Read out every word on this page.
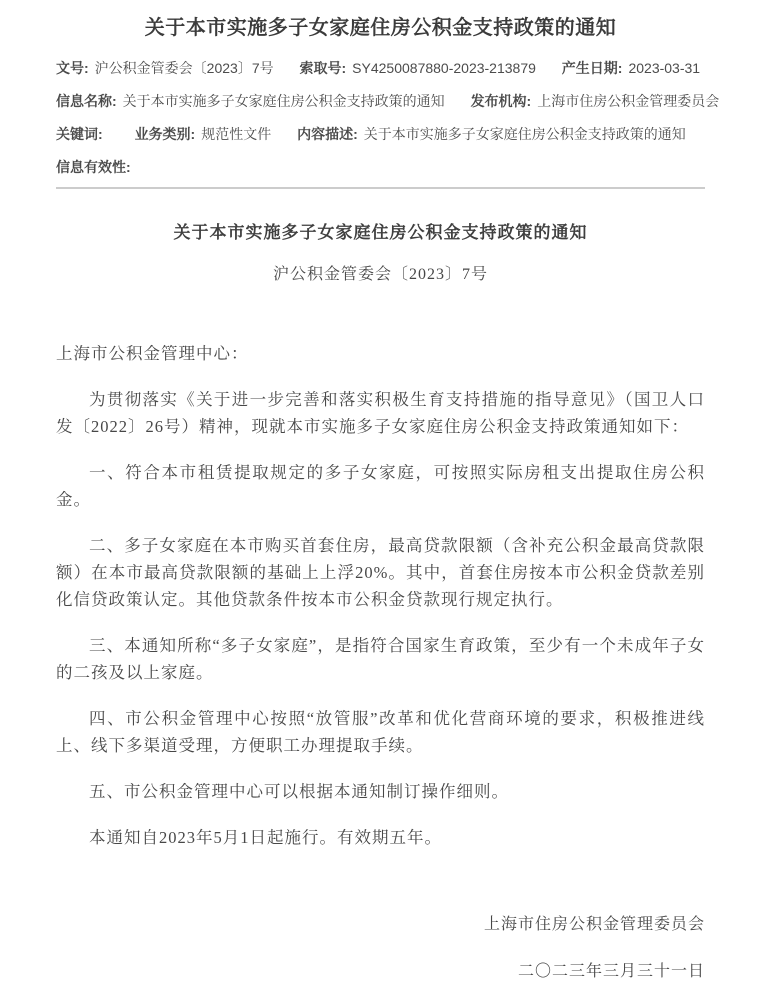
关于本市实施多子女家庭住房公积金支持政策的通知
文号: 沪公积金管委会〔2023〕7号 索取号: SY4250087880-2023-213879 产生日期: 2023-03-31
信息名称: 关于本市实施多子女家庭住房公积金支持政策的通知 发布机构: 上海市住房公积金管理委员会
关键词: 业务类别: 规范性文件 内容描述: 关于本市实施多子女家庭住房公积金支持政策的通知
信息有效性:
关于本市实施多子女家庭住房公积金支持政策的通知
沪公积金管委会〔2023〕7号
上海市公积金管理中心：

为贯彻落实《关于进一步完善和落实积极生育支持措施的指导意见》（国卫人口发〔2022〕26号）精神，现就本市实施多子女家庭住房公积金支持政策通知如下：

一、符合本市租赁提取规定的多子女家庭，可按照实际房租支出提取住房公积金。

二、多子女家庭在本市购买首套住房，最高贷款限额（含补充公积金最高贷款限额）在本市最高贷款限额的基础上上浮20%。其中，首套住房按本市公积金贷款差别化信贷政策认定。其他贷款条件按本市公积金贷款现行规定执行。

三、本通知所称“多子女家庭”，是指符合国家生育政策，至少有一个未成年子女的二孩及以上家庭。

四、市公积金管理中心按照“放管服”改革和优化营商环境的要求，积极推进线上、线下多渠道受理，方便职工办理提取手续。

五、市公积金管理中心可以根据本通知制订操作细则。

本通知自2023年5月1日起施行。有效期五年。

上海市住房公积金管理委员会
二〇二三年三月三十一日
